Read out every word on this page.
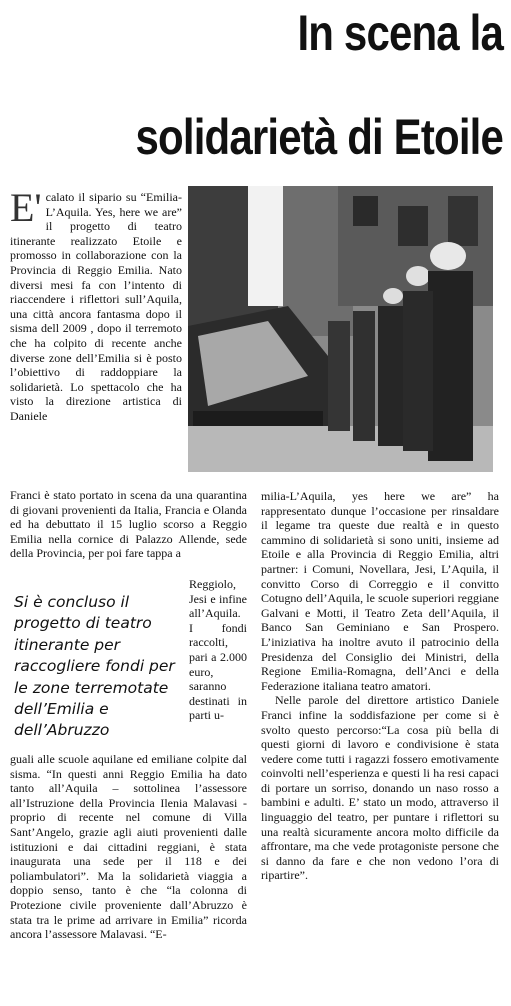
In scena la
solidarietà di Etoile

E' calato il sipario su “Emilia-L’Aquila. Yes, here we are” il progetto di teatro itinerante realizzato Etoile e promosso in collaborazione con la Provincia di Reggio Emilia. Nato diversi mesi fa con l’intento di riaccendere i riflettori sull’Aquila, una città ancora fantasma dopo il sisma dell 2009 , dopo il terremoto che ha colpito di recente anche diverse zone dell’Emilia si è posto l’obiettivo di raddoppiare la solidarietà. Lo spettacolo che ha visto la direzione artistica di Daniele

Franci è stato portato in scena da una quarantina di giovani provenienti da Italia, Francia e Olanda ed ha debuttato il 15 luglio scorso a Reggio Emilia nella cornice di Palazzo Allende, sede della Provincia, per poi fare tappa a

Si è concluso il
progetto di teatro
itinerante per
raccogliere fondi per
le zone terremotate
dell’Emilia e
dell’Abruzzo
Reggiolo, Jesi e infine all’Aquila. I fondi raccolti, pari a 2.000 euro, saranno destinati in parti u-

guali alle scuole aquilane ed emiliane colpite dal sisma. “In questi anni Reggio Emilia ha dato tanto all’Aquila – sottolinea l’assessore all’Istruzione della Provincia Ilenia Malavasi - proprio di recente nel comune di Villa Sant’Angelo, grazie agli aiuti provenienti dalle istituzioni e dai cittadini reggiani, è stata inaugurata una sede per il 118 e dei poliambulatori”. Ma la solidarietà viaggia a doppio senso, tanto è che “la colonna di Protezione civile proveniente dall’Abruzzo è stata tra le prime ad arrivare in Emilia” ricorda ancora l’assessore Malavasi. “E-

milia-L’Aquila, yes here we are” ha rappresentato dunque l’occasione per rinsaldare il legame tra queste due realtà e in questo cammino di solidarietà si sono uniti, insieme ad Etoile e alla Provincia di Reggio Emilia, altri partner: i Comuni, Novellara, Jesi, L’Aquila, il convitto Corso di Correggio e il convitto Cotugno dell’Aquila, le scuole superiori reggiane Galvani e Motti, il Teatro Zeta dell’Aquila, il Banco San Geminiano e San Prospero. L’iniziativa ha inoltre avuto il patrocinio della Presidenza del Consiglio dei Ministri, della Regione Emilia-Romagna, dell’Anci e della Federazione italiana teatro amatori.

Nelle parole del direttore artistico Daniele Franci infine la soddisfazione per come si è svolto questo percorso:“La cosa più bella di questi giorni di lavoro e condivisione è stata vedere come tutti i ragazzi fossero emotivamente coinvolti nell’esperienza e questi li ha resi capaci di portare un sorriso, donando un naso rosso a bambini e adulti. E’ stato un modo, attraverso il linguaggio del teatro, per puntare i riflettori su una realtà sicuramente ancora molto difficile da affrontare, ma che vede protagoniste persone che si danno da fare e che non vedono l’ora di ripartire”.
